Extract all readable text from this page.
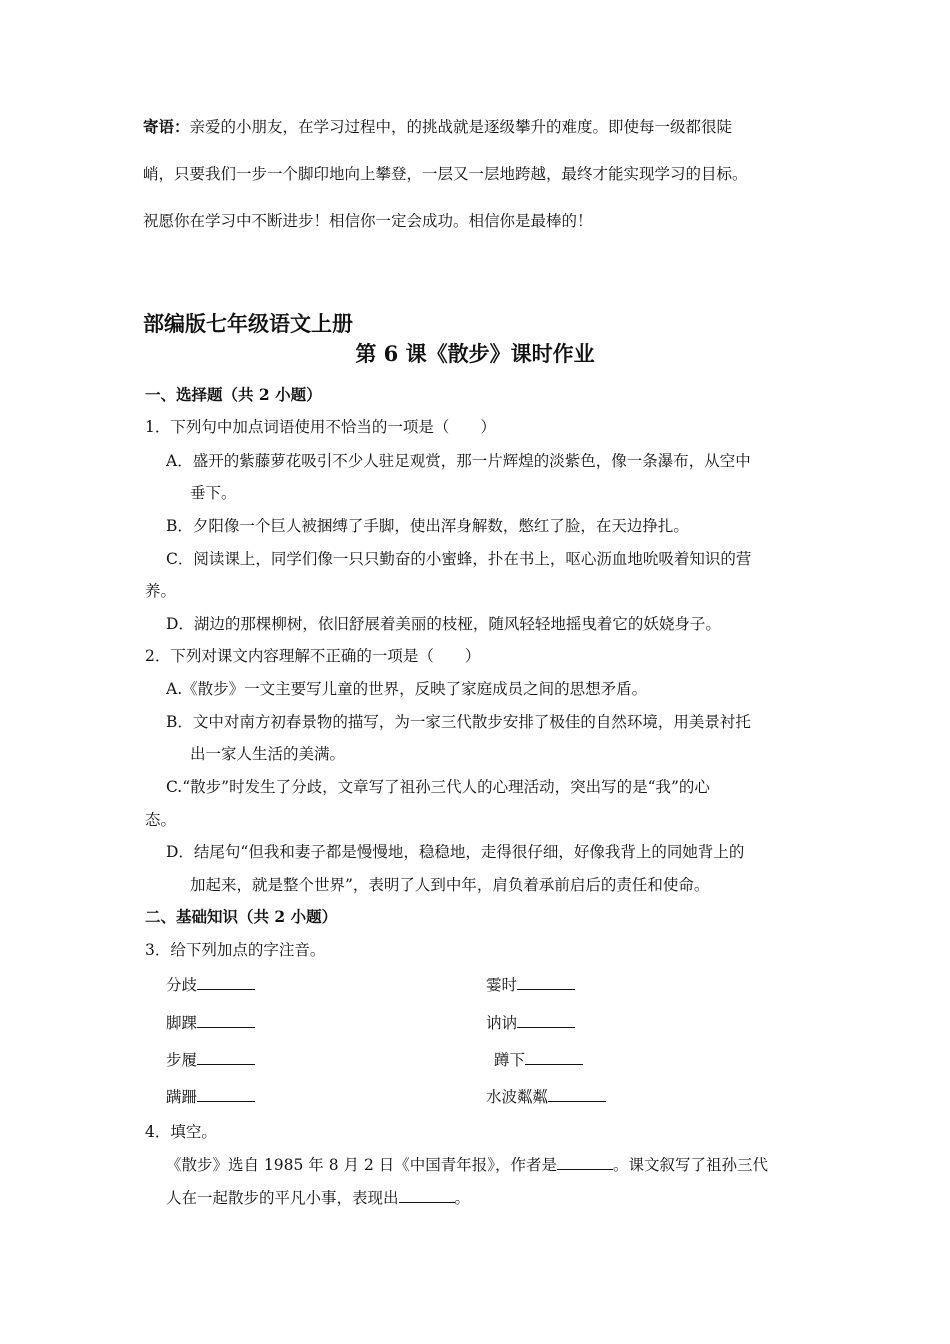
寄语：亲爱的小朋友，在学习过程中，的挑战就是逐级攀升的难度。即使每一级都很陡
峭，只要我们一步一个脚印地向上攀登，一层又一层地跨越，最终才能实现学习的目标。
祝愿你在学习中不断进步！相信你一定会成功。相信你是最棒的！
部编版七年级语文上册
第 6 课《散步》课时作业
一、选择题（共 2 小题）
1．下列句中加点词语使用不恰当的一项是（　　）
A．盛开的紫藤萝花吸引不少人驻足观赏，那一片辉煌的淡紫色，像一条瀑布，从空中
垂下。
B．夕阳像一个巨人被捆缚了手脚，使出浑身解数，憋红了脸，在天边挣扎。
C．阅读课上，同学们像一只只勤奋的小蜜蜂，扑在书上，呕心沥血地吮吸着知识的营
养。
D．湖边的那棵柳树，依旧舒展着美丽的枝桠，随风轻轻地摇曳着它的妖娆身子。
2．下列对课文内容理解不正确的一项是（　　）
A.《散步》一文主要写儿童的世界，反映了家庭成员之间的思想矛盾。
B．文中对南方初春景物的描写，为一家三代散步安排了极佳的自然环境，用美景衬托
出一家人生活的美满。
C.“散步”时发生了分歧，文章写了祖孙三代人的心理活动，突出写的是“我”的心
态。
D．结尾句“但我和妻子都是慢慢地，稳稳地，走得很仔细，好像我背上的同她背上的
加起来，就是整个世界”，表明了人到中年，肩负着承前启后的责任和使命。
二、基础知识（共 2 小题）
3．给下列加点的字注音。
分歧	霎时
脚踝	讷讷
步履	蹲下
蹒跚	水波粼粼
4．填空。
《散步》选自 1985 年 8 月 2 日《中国青年报》，作者是	。课文叙写了祖孙三代
人在一起散步的平凡小事，表现出	。
